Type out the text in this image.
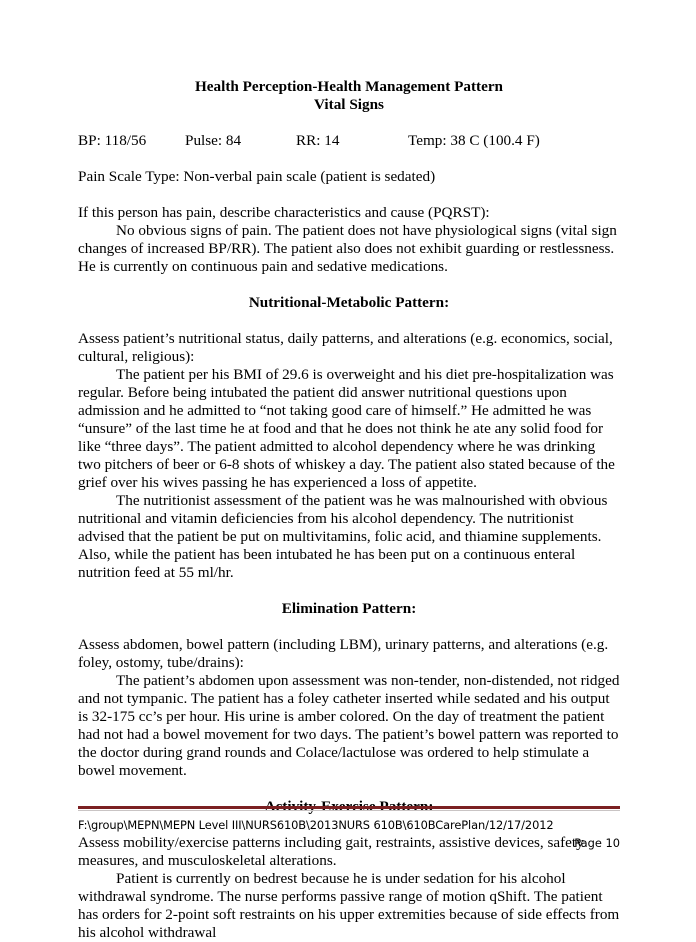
Health Perception-Health Management Pattern
Vital Signs
BP: 118/56	Pulse: 84	RR: 14	Temp: 38 C (100.4 F)

Pain Scale Type: Non-verbal pain scale (patient is sedated)

If this person has pain, describe characteristics and cause (PQRST):

No obvious signs of pain. The patient does not have physiological signs (vital sign changes of increased BP/RR). The patient also does not exhibit guarding or restlessness. He is currently on continuous pain and sedative medications.

Nutritional-Metabolic Pattern:

Assess patient’s nutritional status, daily patterns, and alterations (e.g. economics, social, cultural, religious):

The patient per his BMI of 29.6 is overweight and his diet pre-hospitalization was regular. Before being intubated the patient did answer nutritional questions upon admission and he admitted to “not taking good care of himself.” He admitted he was “unsure” of the last time he at food and that he does not think he ate any solid food for like “three days”. The patient admitted to alcohol dependency where he was drinking two pitchers of beer or 6-8 shots of whiskey a day. The patient also stated because of the grief over his wives passing he has experienced a loss of appetite.

The nutritionist assessment of the patient was he was malnourished with obvious nutritional and vitamin deficiencies from his alcohol dependency. The nutritionist advised that the patient be put on multivitamins, folic acid, and thiamine supplements. Also, while the patient has been intubated he has been put on a continuous enteral nutrition feed at 55 ml/hr.

Elimination Pattern:

Assess abdomen, bowel pattern (including LBM), urinary patterns, and alterations (e.g. foley, ostomy, tube/drains):

The patient’s abdomen upon assessment was non-tender, non-distended, not ridged and not tympanic. The patient has a foley catheter inserted while sedated and his output is 32-175 cc’s per hour. His urine is amber colored. On the day of treatment the patient had not had a bowel movement for two days. The patient’s bowel pattern was reported to the doctor during grand rounds and Colace/lactulose was ordered to help stimulate a bowel movement.

Assess mobility/exercise patterns including gait, restraints, assistive devices, safety measures, and musculoskeletal alterations.

Patient is currently on bedrest because he is under sedation for his alcohol withdrawal syndrome. The nurse performs passive range of motion qShift. The patient has orders for 2-point soft restraints on his upper extremities because of side effects from his alcohol withdrawal

F:\group\MEPN\MEPN Level III\NURS610B\2013NURS 610B\610BCarePlan/12/17/2012
Page 10
